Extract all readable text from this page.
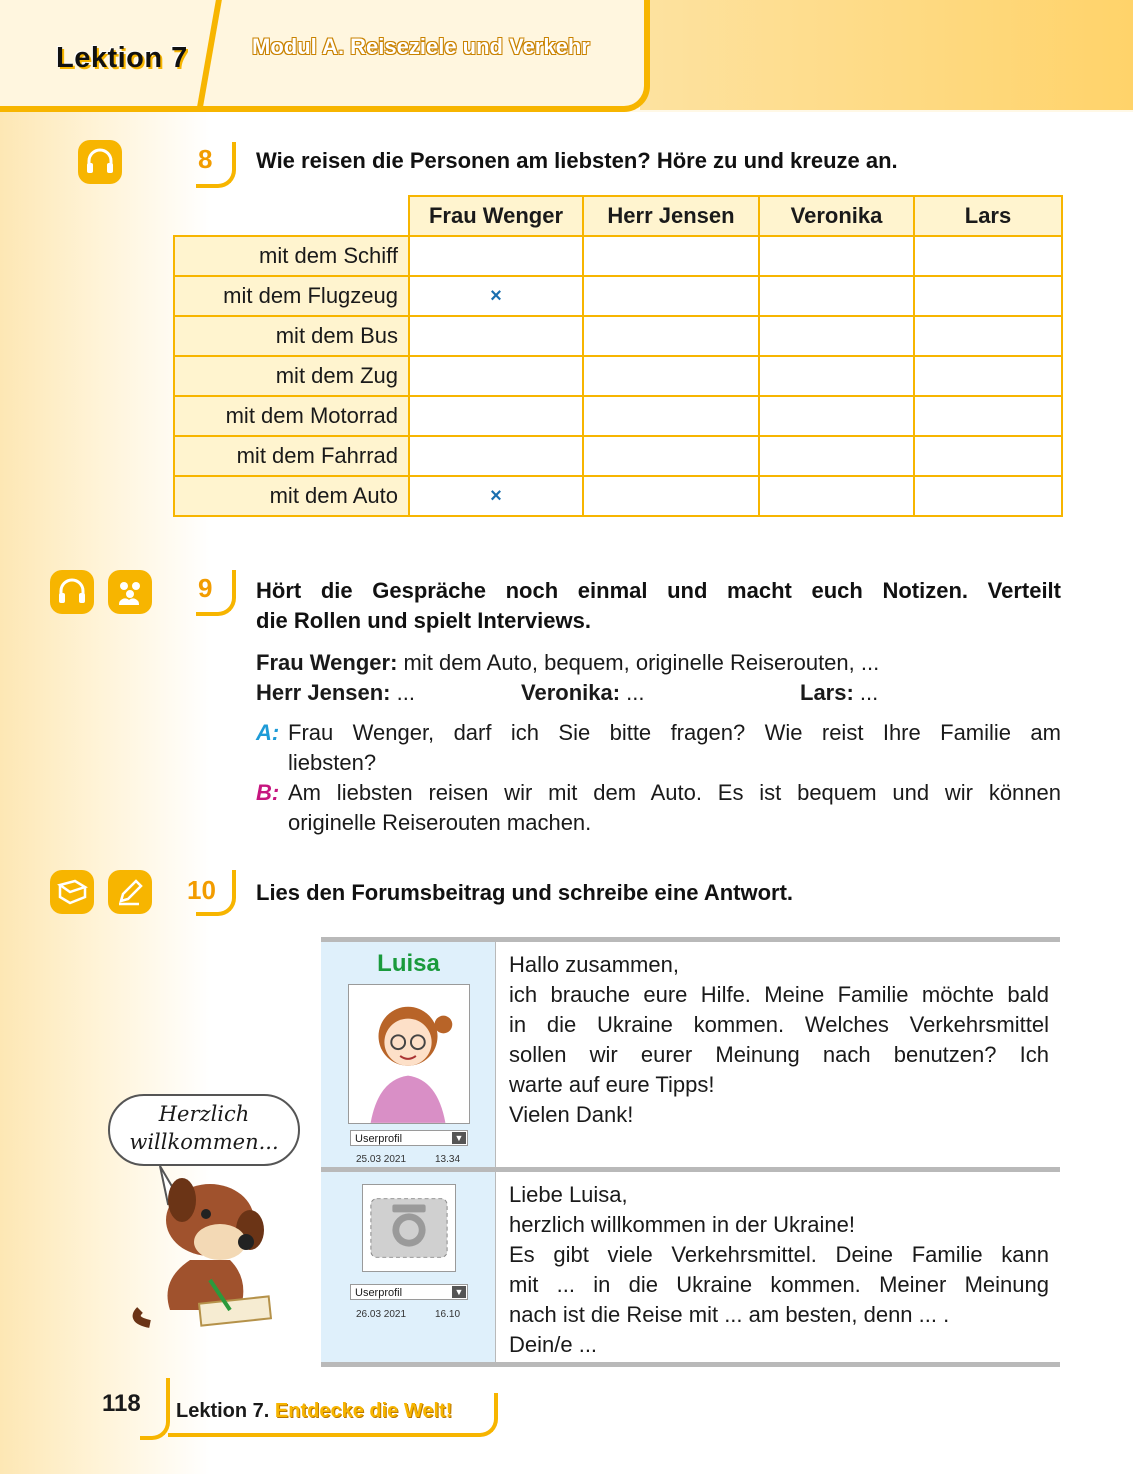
Lektion 7	Modul A. Reiseziele und Verkehr
8 Wie reisen die Personen am liebsten? Höre zu und kreuze an.
	Frau Wenger	Herr Jensen	Veronika	Lars
mit dem Schiff				
mit dem Flugzeug	×			
mit dem Bus				
mit dem Zug				
mit dem Motorrad				
mit dem Fahrrad				
mit dem Auto	×			
9 Hört die Gespräche noch einmal und macht euch Notizen. Verteilt
die Rollen und spielt Interviews.
Frau Wenger: mit dem Auto, bequem, originelle Reiserouten, ...
Herr Jensen: ...	Veronika: ...	Lars: ...
A: Frau Wenger, darf ich Sie bitte fragen? Wie reist Ihre Familie am
liebsten?
B: Am liebsten reisen wir mit dem Auto. Es ist bequem und wir können
originelle Reiserouten machen.
10 Lies den Forumsbeitrag und schreibe eine Antwort.
Luisa
Userprofil	▼
25.03 2021	13.34
Hallo zusammen,
ich brauche eure Hilfe. Meine Familie möchte bald
in die Ukraine kommen. Welches Verkehrsmittel
sollen wir eurer Meinung nach benutzen? Ich
warte auf eure Tipps!
Vielen Dank!
Userprofil	▼
26.03 2021	16.10
Liebe Luisa,
herzlich willkommen in der Ukraine!
Es gibt viele Verkehrsmittel. Deine Familie kann
mit ... in die Ukraine kommen. Meiner Meinung
nach ist die Reise mit ... am besten, denn ... .
Dein/e ...
Herzlich
willkommen...
118 Lektion 7. Entdecke die Welt!
